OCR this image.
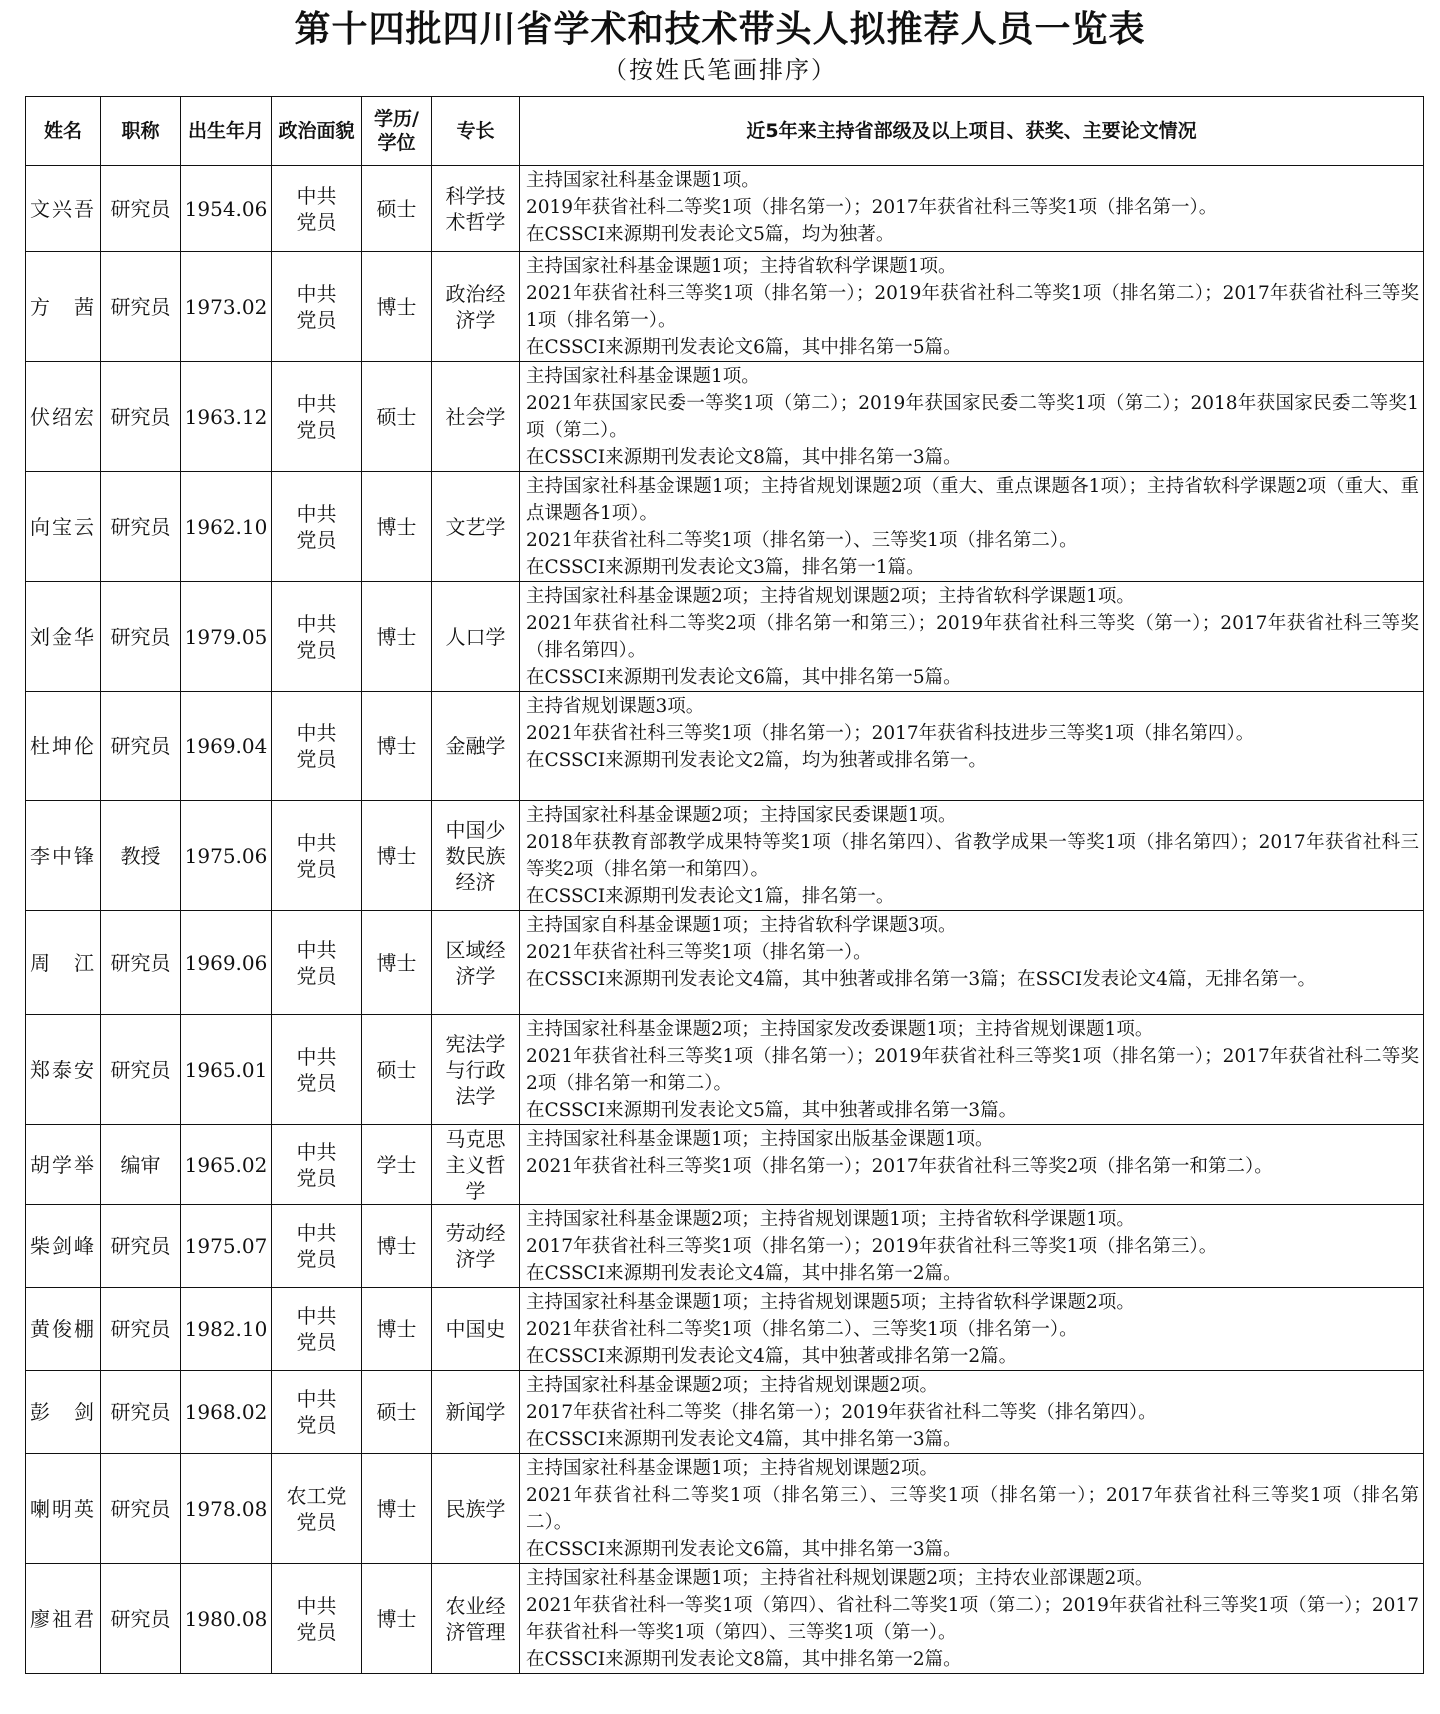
第十四批四川省学术和技术带头人拟推荐人员一览表
（按姓氏笔画排序）
姓名	职称	出生年月	政治面貌	学历/学位	专长	近5年来主持省部级及以上项目、获奖、主要论文情况
文兴吾	研究员	1954.06	中共党员	硕士	科学技术哲学	主持国家社科基金课题1项。
2019年获省社科二等奖1项（排名第一）；2017年获省社科三等奖1项（排名第一）。
在CSSCI来源期刊发表论文5篇，均为独著。

方　茜	研究员	1973.02	中共党员	博士	政治经济学	主持国家社科基金课题1项；主持省软科学课题1项。
2021年获省社科三等奖1项（排名第一）；2019年获省社科二等奖1项（排名第二）；2017年获省社科三等奖1项（排名第一）。
在CSSCI来源期刊发表论文6篇，其中排名第一5篇。

伏绍宏	研究员	1963.12	中共党员	硕士	社会学	主持国家社科基金课题1项。
2021年获国家民委一等奖1项（第二）；2019年获国家民委二等奖1项（第二）；2018年获国家民委二等奖1项（第二）。
在CSSCI来源期刊发表论文8篇，其中排名第一3篇。

向宝云	研究员	1962.10	中共党员	博士	文艺学	主持国家社科基金课题1项；主持省规划课题2项（重大、重点课题各1项）；主持省软科学课题2项（重大、重点课题各1项）。
2021年获省社科二等奖1项（排名第一）、三等奖1项（排名第二）。
在CSSCI来源期刊发表论文3篇，排名第一1篇。

刘金华	研究员	1979.05	中共党员	博士	人口学	主持国家社科基金课题2项；主持省规划课题2项；主持省软科学课题1项。
2021年获省社科二等奖2项（排名第一和第三）；2019年获省社科三等奖（第一）；2017年获省社科三等奖（排名第四）。
在CSSCI来源期刊发表论文6篇，其中排名第一5篇。

杜坤伦	研究员	1969.04	中共党员	博士	金融学	主持省规划课题3项。
2021年获省社科三等奖1项（排名第一）；2017年获省科技进步三等奖1项（排名第四）。
在CSSCI来源期刊发表论文2篇，均为独著或排名第一。

李中锋	教授	1975.06	中共党员	博士	中国少数民族经济	主持国家社科基金课题2项；主持国家民委课题1项。
2018年获教育部教学成果特等奖1项（排名第四）、省教学成果一等奖1项（排名第四）；2017年获省社科三等奖2项（排名第一和第四）。
在CSSCI来源期刊发表论文1篇，排名第一。

周　江	研究员	1969.06	中共党员	博士	区域经济学	主持国家自科基金课题1项；主持省软科学课题3项。
2021年获省社科三等奖1项（排名第一）。
在CSSCI来源期刊发表论文4篇，其中独著或排名第一3篇；在SSCI发表论文4篇，无排名第一。

郑泰安	研究员	1965.01	中共党员	硕士	宪法学与行政法学	主持国家社科基金课题2项；主持国家发改委课题1项；主持省规划课题1项。
2021年获省社科三等奖1项（排名第一）；2019年获省社科三等奖1项（排名第一）；2017年获省社科二等奖2项（排名第一和第二）。
在CSSCI来源期刊发表论文5篇，其中独著或排名第一3篇。

胡学举	编审	1965.02	中共党员	学士	马克思主义哲学	主持国家社科基金课题1项；主持国家出版基金课题1项。
2021年获省社科三等奖1项（排名第一）；2017年获省社科三等奖2项（排名第一和第二）。

柴剑峰	研究员	1975.07	中共党员	博士	劳动经济学	主持国家社科基金课题2项；主持省规划课题1项；主持省软科学课题1项。
2017年获省社科三等奖1项（排名第一）；2019年获省社科三等奖1项（排名第三）。
在CSSCI来源期刊发表论文4篇，其中排名第一2篇。

黄俊棚	研究员	1982.10	中共党员	博士	中国史	主持国家社科基金课题1项；主持省规划课题5项；主持省软科学课题2项。
2021年获省社科二等奖1项（排名第二）、三等奖1项（排名第一）。
在CSSCI来源期刊发表论文4篇，其中独著或排名第一2篇。

彭　剑	研究员	1968.02	中共党员	硕士	新闻学	主持国家社科基金课题2项；主持省规划课题2项。
2017年获省社科二等奖（排名第一）；2019年获省社科二等奖（排名第四）。
在CSSCI来源期刊发表论文4篇，其中排名第一3篇。

喇明英	研究员	1978.08	农工党党员	博士	民族学	主持国家社科基金课题1项；主持省规划课题2项。
2021年获省社科二等奖1项（排名第三）、三等奖1项（排名第一）；2017年获省社科三等奖1项（排名第二）。
在CSSCI来源期刊发表论文6篇，其中排名第一3篇。

廖祖君	研究员	1980.08	中共党员	博士	农业经济管理	主持国家社科基金课题1项；主持省社科规划课题2项；主持农业部课题2项。
2021年获省社科一等奖1项（第四）、省社科二等奖1项（第二）；2019年获省社科三等奖1项（第一）；2017年获省社科一等奖1项（第四）、三等奖1项（第一）。
在CSSCI来源期刊发表论文8篇，其中排名第一2篇。
